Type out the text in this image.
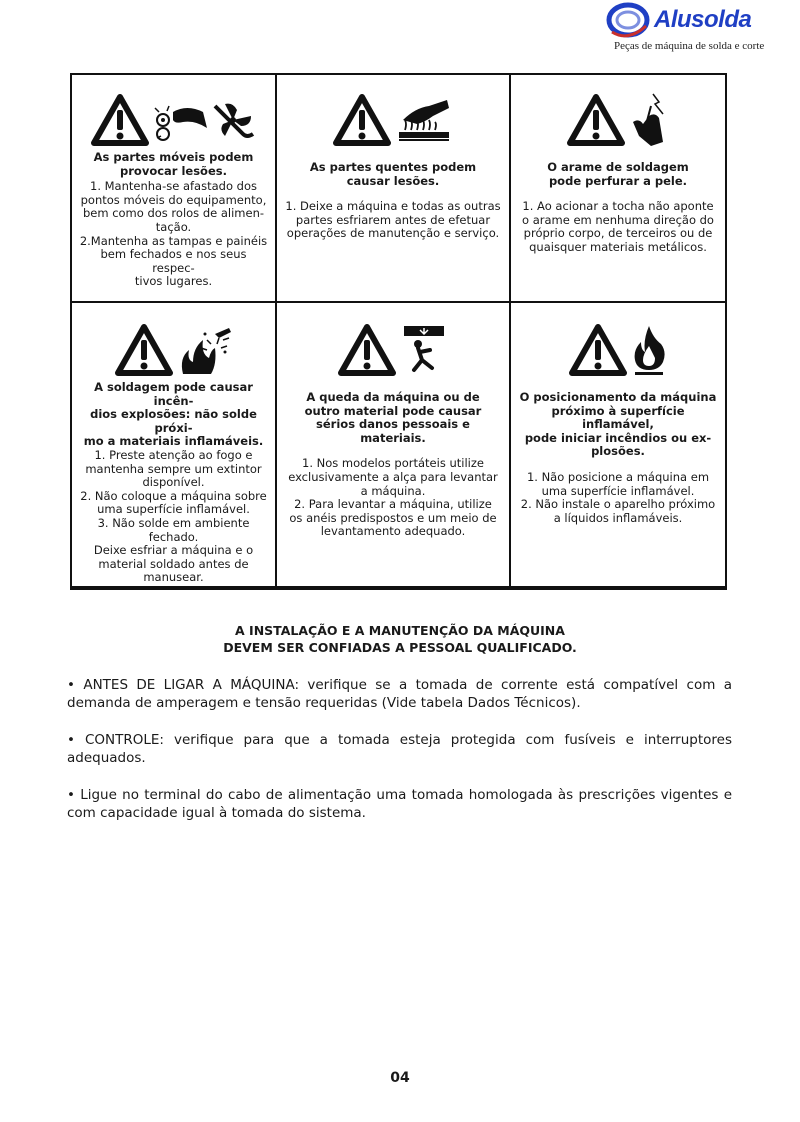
Alusolda
Peças de máquina de solda e corte

As partes móveis podem

provocar lesões.

1. Mantenha-se afastado dos

pontos móveis do equipamento,

bem como dos rolos de alimen-

tação.

2.Mantenha as tampas e painéis

bem fechados e nos seus respec-

tivos lugares.

As partes quentes podem

causar lesões.

1. Deixe a máquina e todas as outras

partes esfriarem antes de efetuar

operações de manutenção e serviço.

O arame de soldagem

pode perfurar a pele.

1. Ao acionar a tocha não aponte

o arame em nenhuma direção do

próprio corpo, de terceiros ou de

quaisquer materiais metálicos.

A soldagem pode causar incên-

dios explosões: não solde próxi-

mo a materiais inflamáveis.

1. Preste atenção ao fogo e

mantenha sempre um extintor

disponível.

2. Não coloque a máquina sobre

uma superfície inflamável.

3. Não solde em ambiente

fechado.

Deixe esfriar a máquina e o

material soldado antes de

manusear.

A queda da máquina ou de

outro material pode causar

sérios danos pessoais e materiais.

1. Nos modelos portáteis utilize

exclusivamente a alça para levantar

a máquina.

2. Para levantar a máquina, utilize

os anéis predispostos e um meio de

levantamento adequado.

O posicionamento da máquina

próximo à superfície inflamável,

pode iniciar incêndios ou ex-

plosões.

1. Não posicione a máquina em

uma superfície inflamável.

2. Não instale o aparelho próximo

a líquidos inflamáveis.

A INSTALAÇÃO E A MANUTENÇÃO DA MÁQUINA
DEVEM SER CONFIADAS A PESSOAL QUALIFICADO.

• ANTES DE LIGAR A MÁQUINA: verifique se a tomada de corrente está compatível com a demanda de amperagem e tensão requeridas (Vide tabela Dados Técnicos).

• CONTROLE: verifique para que a tomada esteja protegida com fusíveis e interruptores adequados.

• Ligue no terminal do cabo de alimentação uma tomada homologada às prescrições vigentes e com capacidade igual à tomada do sistema.

04
